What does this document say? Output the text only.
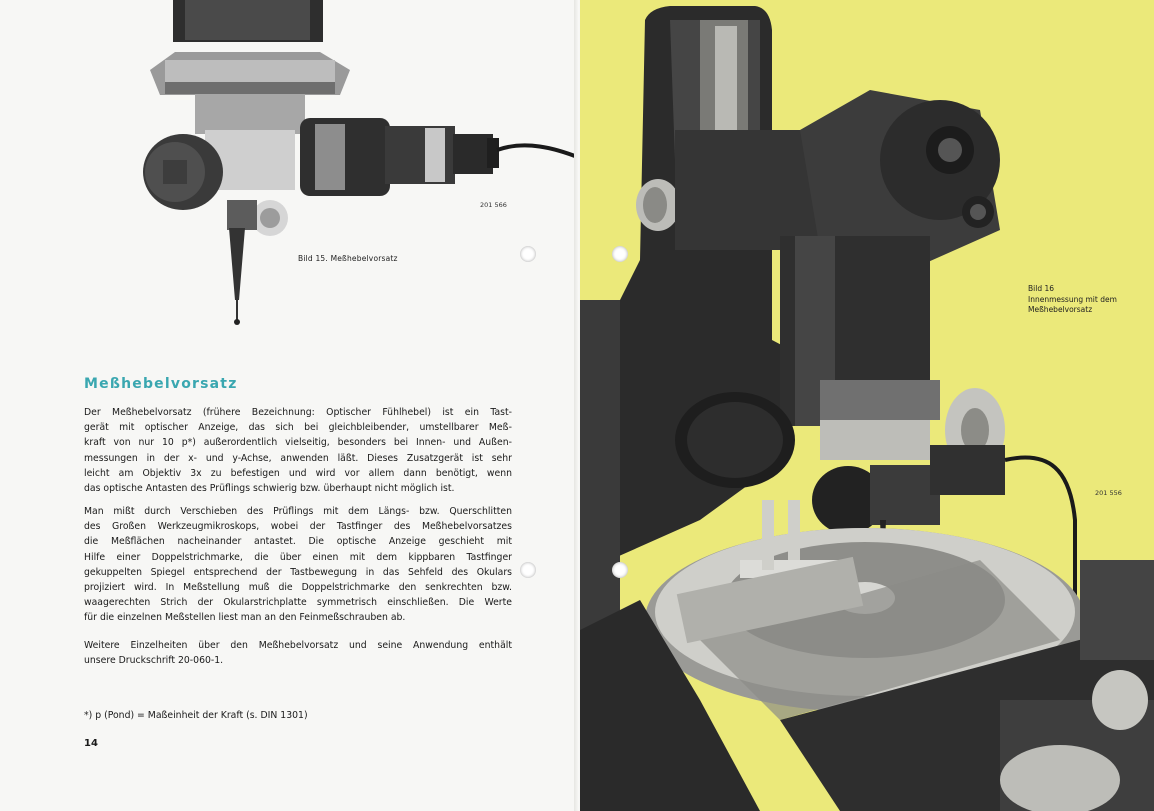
201 566
Bild 15. Meßhebelvorsatz
Meßhebelvorsatz
Der Meßhebelvorsatz (frühere Bezeichnung: Optischer Fühlhebel) ist ein Tast-
gerät mit optischer Anzeige, das sich bei gleichbleibender, umstellbarer Meß-
kraft von nur 10 p*) außerordentlich vielseitig, besonders bei Innen- und Außen-
messungen in der x- und y-Achse, anwenden läßt. Dieses Zusatzgerät ist sehr
leicht am Objektiv 3x zu befestigen und wird vor allem dann benötigt, wenn
das optische Antasten des Prüflings schwierig bzw. überhaupt nicht möglich ist.
Man mißt durch Verschieben des Prüflings mit dem Längs- bzw. Querschlitten
des Großen Werkzeugmikroskops, wobei der Tastfinger des Meßhebelvorsatzes
die Meßflächen nacheinander antastet. Die optische Anzeige geschieht mit
Hilfe einer Doppelstrichmarke, die über einen mit dem kippbaren Tastfinger
gekuppelten Spiegel entsprechend der Tastbewegung in das Sehfeld des Okulars
projiziert wird. In Meßstellung muß die Doppelstrichmarke den senkrechten bzw.
waagerechten Strich der Okularstrichplatte symmetrisch einschließen. Die Werte
für die einzelnen Meßstellen liest man an den Feinmeßschrauben ab.
Weitere Einzelheiten über den Meßhebelvorsatz und seine Anwendung enthält
unsere Druckschrift 20-060-1.
*) p (Pond) = Maßeinheit der Kraft (s. DIN 1301)
14
201 556
Bild 16
Innenmessung mit dem
Meßhebelvorsatz
